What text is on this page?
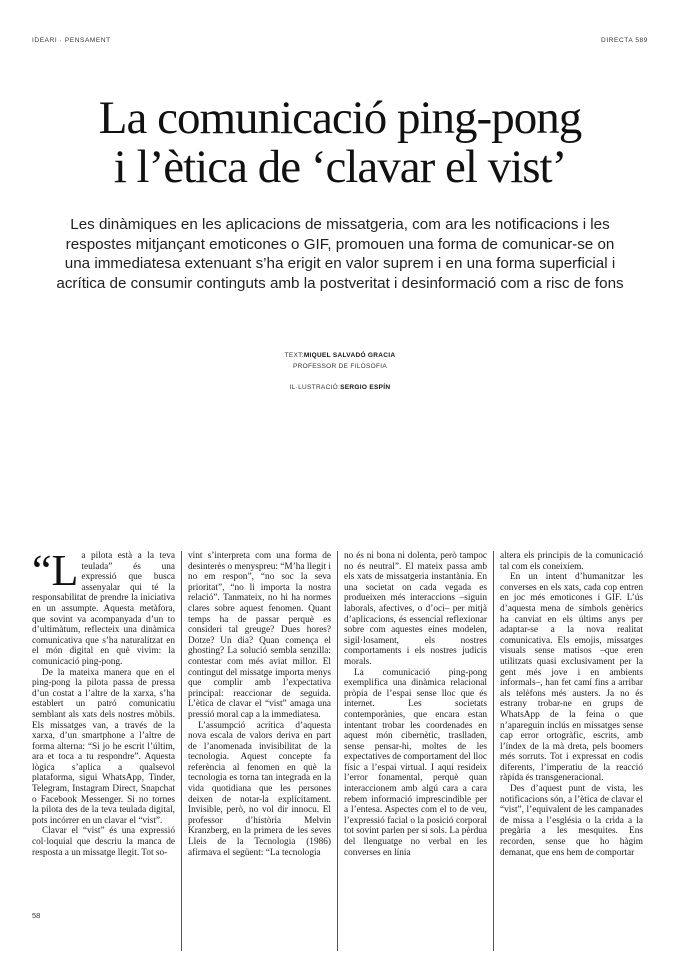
IDEARI · PENSAMENT	DIRECTA 589
La comunicació ping-pong
i l’ètica de ‘clavar el vist’

Les dinàmiques en les aplicacions de missatgeria, com ara les notificacions i les respostes mitjançant emoticones o GIF, promouen una forma de comunicar-se on una immediatesa extenuant s’ha erigit en valor suprem i en una forma superficial i acrítica de consumir continguts amb la postveritat i desinformació com a risc de fons

TEXT:MIQUEL SALVADÓ GRACIA
PROFESSOR DE FILOSOFIA
IL·LUSTRACIÓ:SERGIO ESPÍN

“La pilota està a la teva teulada” és una expressió que busca assenyalar qui té la responsabilitat de prendre la iniciativa en un assumpte. Aquesta metàfora, que sovint va acompanyada d’un to d’ultimàtum, reflecteix una dinàmica comunicativa que s’ha naturalitzat en el món digital en què vivim: la comunicació ping-pong.

De la mateixa manera que en el ping-pong la pilota passa de pressa d’un costat a l’altre de la xarxa, s’ha establert un patró comunicatiu semblant als xats dels nostres mòbils. Els missatges van, a través de la xarxa, d’un smartphone a l’altre de forma alterna: “Si jo he escrit l’últim, ara et toca a tu respondre”. Aquesta lògica s’aplica a qualsevol plataforma, sigui WhatsApp, Tinder, Telegram, Instagram Direct, Snapchat o Facebook Messenger. Si no tornes la pilota des de la teva teulada digital, pots incórrer en un clavar el “vist”.

Clavar el “vist” és una expressió col·loquial que descriu la manca de resposta a un missatge llegit. Tot so-

vint s’interpreta com una forma de desinterès o menyspreu: “M’ha llegit i no em respon”, “no soc la seva prioritat”, “no li importa la nostra relació”. Tanmateix, no hi ha normes clares sobre aquest fenomen. Quant temps ha de passar perquè es consideri tal greuge? Dues hores? Dotze? Un dia? Quan comença el ghosting? La solució sembla senzilla: contestar com més aviat millor. El contingut del missatge importa menys que complir amb l’expectativa principal: reaccionar de seguida. L’ètica de clavar el “vist” amaga una pressió moral cap a la immediatesa.

L’assumpció acrítica d’aquesta nova escala de valors deriva en part de l’anomenada invisibilitat de la tecnologia. Aquest concepte fa referència al fenomen en què la tecnologia es torna tan integrada en la vida quotidiana que les persones deixen de notar-la explícitament. Invisible, però, no vol dir innocu. El professor d’història Melvin Kranzberg, en la primera de les seves Lleis de la Tecnologia (1986) afirmava el següent: “La tecnologia

no és ni bona ni dolenta, però tampoc no és neutral”. El mateix passa amb els xats de missatgeria instantània. En una societat on cada vegada es produeixen més interaccions –siguin laborals, afectives, o d’oci– per mitjà d’aplicacions, és essencial reflexionar sobre com aquestes eines modelen, sigil·losament, els nostres comportaments i els nostres judicis morals.

La comunicació ping-pong exemplifica una dinàmica relacional pròpia de l’espai sense lloc que és internet. Les societats contemporànies, que encara estan intentant trobar les coordenades en aquest món cibernètic, traslladen, sense pensar-hi, moltes de les expectatives de comportament del lloc físic a l’espai virtual. I aquí resideix l’error fonamental, perquè quan interaccionem amb algú cara a cara rebem informació imprescindible per a l’entesa. Aspectes com el to de veu, l’expressió facial o la posició corporal tot sovint parlen per si sols. La pèrdua del llenguatge no verbal en les converses en línia

altera els principis de la comunicació tal com els coneixíem.

En un intent d’humanitzar les converses en els xats, cada cop entren en joc més emoticones i GIF. L’ús d’aquesta mena de símbols genèrics ha canviat en els últims anys per adaptar-se a la nova realitat comunicativa. Els emojis, missatges visuals sense matisos –que eren utilitzats quasi exclusivament per la gent més jove i en ambients informals–, han fet camí fins a arribar als telèfons més austers. Ja no és estrany trobar-ne en grups de WhatsApp de la feina o que n’apareguin inclús en missatges sense cap error ortogràfic, escrits, amb l’índex de la mà dreta, pels boomers més sorruts. Tot i expressat en codis diferents, l’imperatiu de la reacció ràpida és transgeneracional.

Des d’aquest punt de vista, les notificacions són, a l’ètica de clavar el “vist”, l’equivalent de les campanades de missa a l’església o la crida a la pregària a les mesquites. Ens recorden, sense que ho hàgim demanat, que ens hem de comportar

58
